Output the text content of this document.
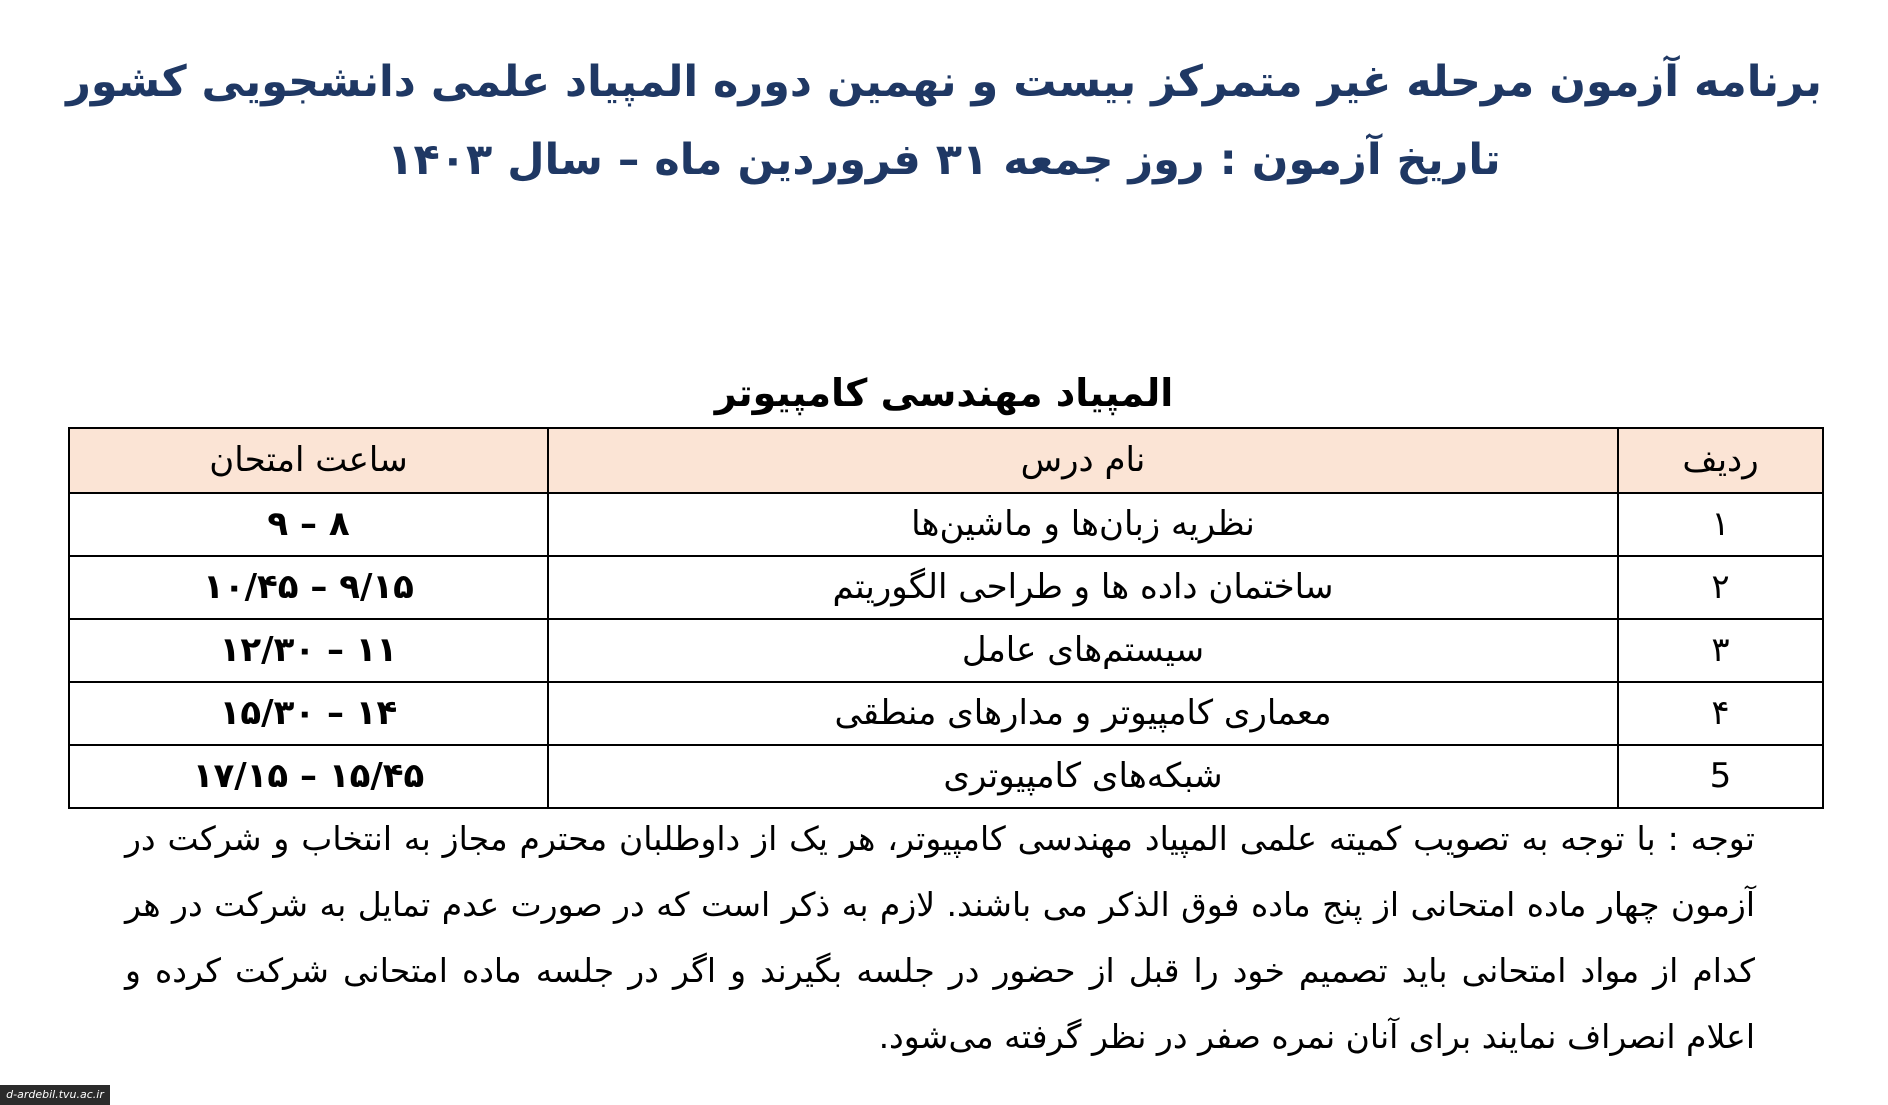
برنامه آزمون مرحله غیر متمرکز بیست و نهمین دوره المپیاد علمی دانشجویی کشور
تاریخ آزمون : روز جمعه ۳۱ فروردین ماه – سال ۱۴۰۳
المپیاد مهندسی کامپیوتر
ردیف	نام درس	ساعت امتحان
۱	نظریه زبان‌ها و ماشین‌ها	۸ – ۹
۲	ساختمان داده ها و طراحی الگوریتم	۹/۱۵ – ۱۰/۴۵
۳	سیستم‌های عامل	۱۱ – ۱۲/۳۰
۴	معماری کامپیوتر و مدارهای منطقی	۱۴ – ۱۵/۳۰
5	شبکه‌های کامپیوتری	۱۵/۴۵ – ۱۷/۱۵
توجه : با توجه به تصویب کمیته علمی المپیاد مهندسی کامپیوتر، هر یک از داوطلبان محترم مجاز به انتخاب و شرکت در آزمون چهار ماده امتحانی از پنج ماده فوق الذکر می باشند. لازم به ذکر است که در صورت عدم تمایل به شرکت در هر کدام از مواد امتحانی باید تصمیم خود را قبل از حضور در جلسه بگیرند و اگر در جلسه ماده امتحانی شرکت کرده و اعلام انصراف نمایند برای آنان نمره صفر در نظر گرفته می‌شود.
d-ardebil.tvu.ac.ir
